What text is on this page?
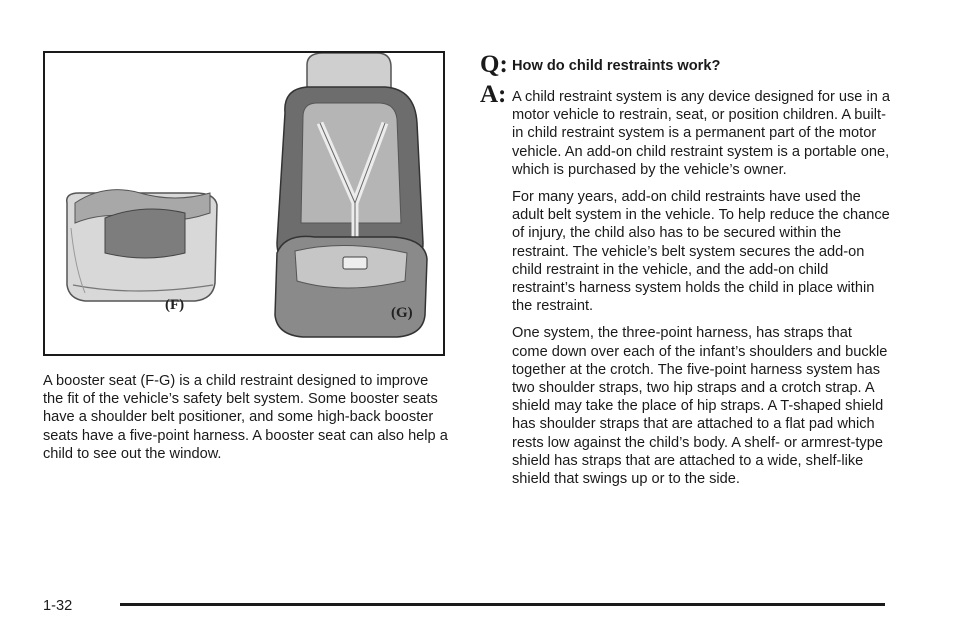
(F)	(G)

A booster seat (F-G) is a child restraint designed to improve the fit of the vehicle’s safety belt system. Some booster seats have a shoulder belt positioner, and some high-back booster seats have a five-point harness. A booster seat can also help a child to see out the window.

Q: How do child restraints work?
A: A child restraint system is any device designed for use in a motor vehicle to restrain, seat, or position children. A built-in child restraint system is a permanent part of the motor vehicle. An add-on child restraint system is a portable one, which is purchased by the vehicle’s owner.

For many years, add-on child restraints have used the adult belt system in the vehicle. To help reduce the chance of injury, the child also has to be secured within the restraint. The vehicle’s belt system secures the add-on child restraint in the vehicle, and the add-on child restraint’s harness system holds the child in place within the restraint.

One system, the three-point harness, has straps that come down over each of the infant’s shoulders and buckle together at the crotch. The five-point harness system has two shoulder straps, two hip straps and a crotch strap. A shield may take the place of hip straps. A T-shaped shield has shoulder straps that are attached to a flat pad which rests low against the child’s body. A shelf- or armrest-type shield has straps that are attached to a wide, shelf-like shield that swings up or to the side.

1-32
